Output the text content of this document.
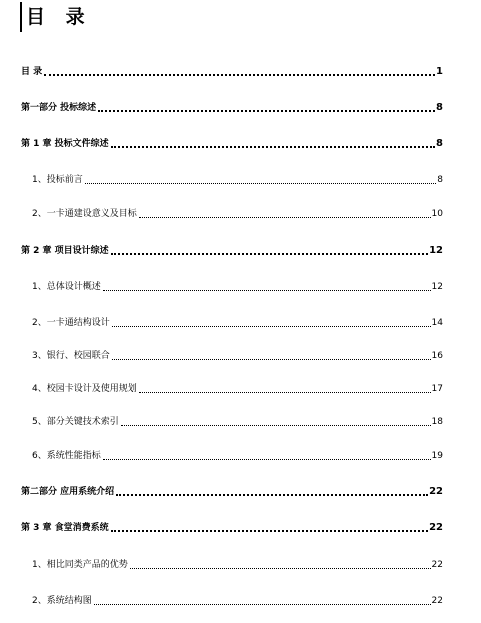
目 录
目 录	1
第一部分 投标综述	8
第 1 章 投标文件综述	8
1、投标前言	8
2、一卡通建设意义及目标	10
第 2 章 项目设计综述	12
1、总体设计概述	12
2、一卡通结构设计	14
3、银行、校园联合	16
4、校园卡设计及使用规划	17
5、部分关键技术索引	18
6、系统性能指标	19
第二部分 应用系统介绍	22
第 3 章 食堂消费系统	22
1、相比同类产品的优势	22
2、系统结构图	22
